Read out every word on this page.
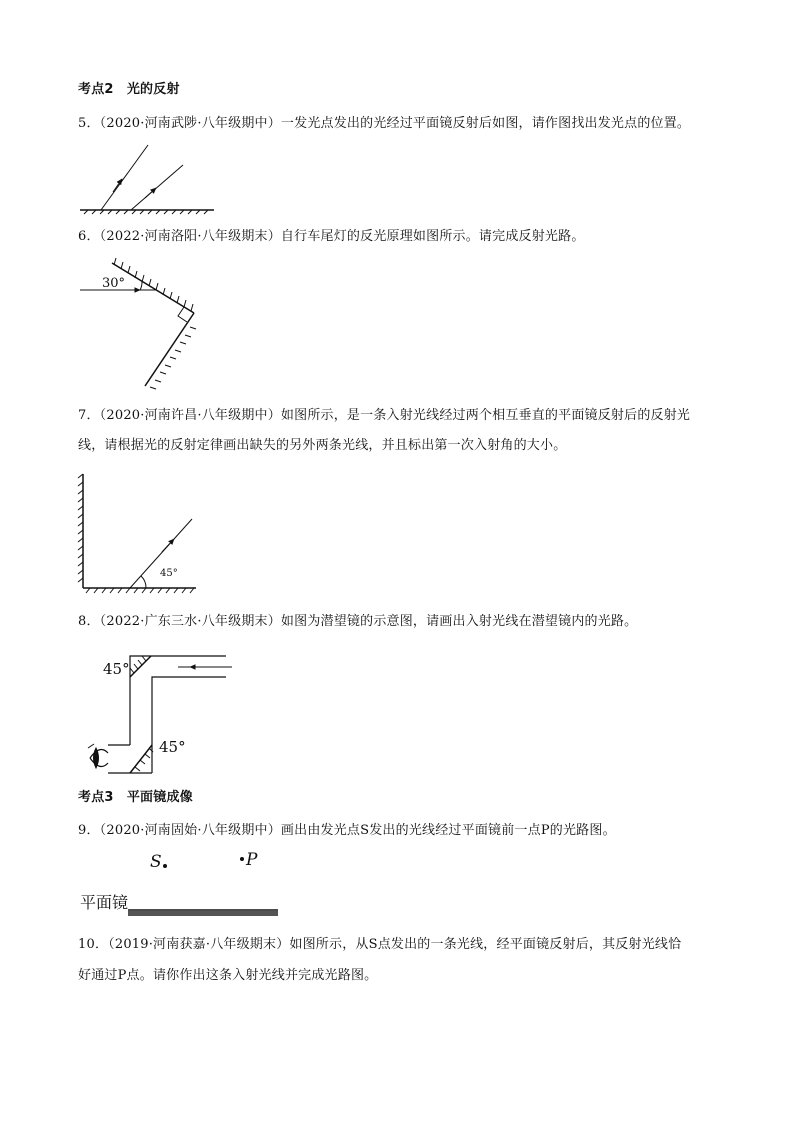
考点2　光的反射
5．（2020·河南武陟·八年级期中）一发光点发出的光经过平面镜反射后如图，请作图找出发光点的位置。
6．（2022·河南洛阳·八年级期末）自行车尾灯的反光原理如图所示。请完成反射光路。
30°
7．（2020·河南许昌·八年级期中）如图所示，是一条入射光线经过两个相互垂直的平面镜反射后的反射光
线，请根据光的反射定律画出缺失的另外两条光线，并且标出第一次入射角的大小。
45°
8．（2022·广东三水·八年级期末）如图为潜望镜的示意图，请画出入射光线在潜望镜内的光路。
45°
45°
考点3　平面镜成像
9．（2020·河南固始·八年级期中）画出由发光点S发出的光线经过平面镜前一点P的光路图。
S	P
平面镜
10．（2019·河南获嘉·八年级期末）如图所示，从S点发出的一条光线，经平面镜反射后，其反射光线恰
好通过P点。请你作出这条入射光线并完成光路图。
